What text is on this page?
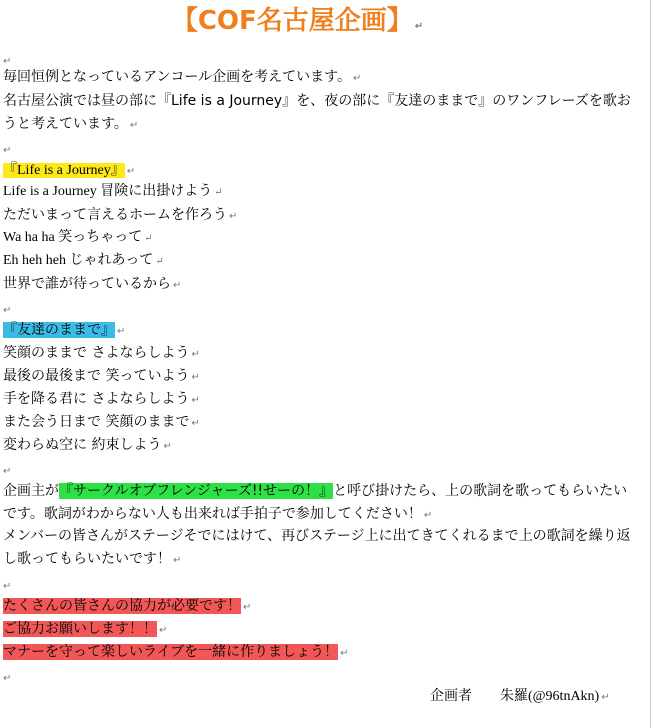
【COF名古屋企画】 ↵
↵
毎回恒例となっているアンコール企画を考えています。 ↵
名古屋公演では昼の部に『Life is a Journey』を、夜の部に『友達のままで』のワンフレーズを歌お
うと考えています。 ↵
↵
『Life is a Journey』 ↵
Life is a Journey 冒険に出掛けよう ↵
ただいまって言えるホームを作ろう ↵
Wa ha ha 笑っちゃって ↵
Eh heh heh じゃれあって ↵
世界で誰が待っているから ↵
↵
『友達のままで』 ↵
笑顔のままで さよならしよう ↵
最後の最後まで 笑っていよう ↵
手を降る君に さよならしよう ↵
また会う日まで 笑顔のままで ↵
変わらぬ空に 約束しよう ↵
↵
企画主が『サークルオブフレンジャーズ!!せーの！』と呼び掛けたら、上の歌詞を歌ってもらいたい
です。歌詞がわからない人も出来れば手拍子で参加してください！ ↵
メンバーの皆さんがステージそでにはけて、再びステージ上に出てきてくれるまで上の歌詞を繰り返
し歌ってもらいたいです！ ↵
↵
たくさんの皆さんの協力が必要です！ ↵
ご協力お願いします！！ ↵
マナーを守って楽しいライブを一緒に作りましょう！ ↵
↵
企画者 朱羅(@96tnAkn) ↵
